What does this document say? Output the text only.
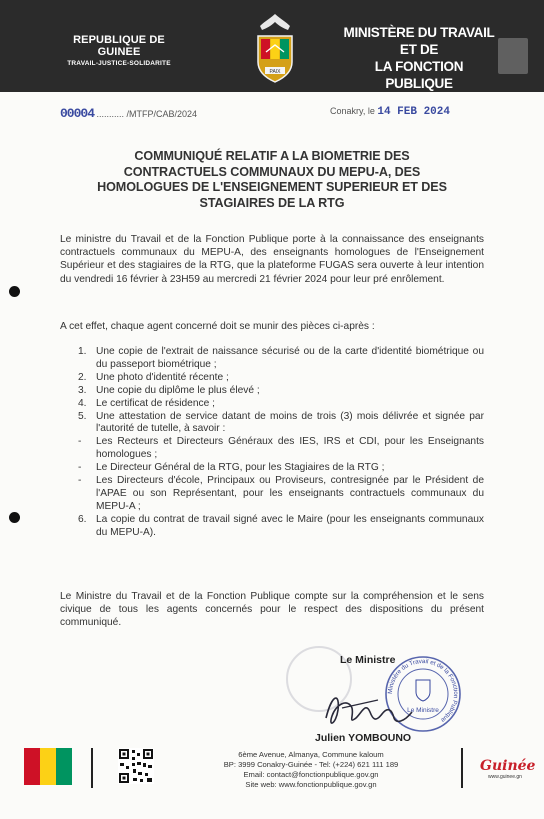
REPUBLIQUE DE GUINEE
TRAVAIL-JUSTICE-SOLIDARITE
PAIX
MINISTÈRE DU TRAVAIL ET DE
LA FONCTION PUBLIQUE
00004 ........... /MTFP/CAB/2024	Conakry, le 14 FEB 2024
COMMUNIQUÉ RELATIF A LA BIOMETRIE DES CONTRACTUELS COMMUNAUX DU MEPU-A, DES HOMOLOGUES DE L'ENSEIGNEMENT SUPERIEUR ET DES STAGIAIRES DE LA RTG
Le ministre du Travail et de la Fonction Publique porte à la connaissance des enseignants contractuels communaux du MEPU-A, des enseignants homologues de l'Enseignement Supérieur et des stagiaires de la RTG, que la plateforme FUGAS sera ouverte à leur intention du vendredi 16 février à 23H59 au mercredi 21 février 2024 pour leur pré enrôlement.
A cet effet, chaque agent concerné doit se munir des pièces ci-après :
1. Une copie de l'extrait de naissance sécurisé ou de la carte d'identité biométrique ou du passeport biométrique ;
2. Une photo d'identité récente ;
3. Une copie du diplôme le plus élevé ;
4. Le certificat de résidence ;
5. Une attestation de service datant de moins de trois (3) mois délivrée et signée par l'autorité de tutelle, à savoir :
-	Les Recteurs et Directeurs Généraux des IES, IRS et CDI, pour les Enseignants homologues ;
-	Le Directeur Général de la RTG, pour les Stagiaires de la RTG ;
-	Les Directeurs d'école, Principaux ou Proviseurs, contresignée par le Président de l'APAE ou son Représentant, pour les enseignants contractuels communaux du MEPU-A ;
6. La copie du contrat de travail signé avec le Maire (pour les enseignants communaux du MEPU-A).
Le Ministre du Travail et de la Fonction Publique compte sur la compréhension et le sens civique de tous les agents concernés pour le respect des dispositions du présent communiqué.
Le Ministre
Ministère du Travail et de la Fonction Publique
Le Ministre
Julien YOMBOUNO
6ème Avenue, Almanya, Commune kaloum
BP: 3999 Conakry-Guinée - Tel: (+224) 621 111 189
Email: contact@fonctionpublique.gov.gn
Site web: www.fonctionpublique.gov.gn
Guinée
www.guinee.gn
